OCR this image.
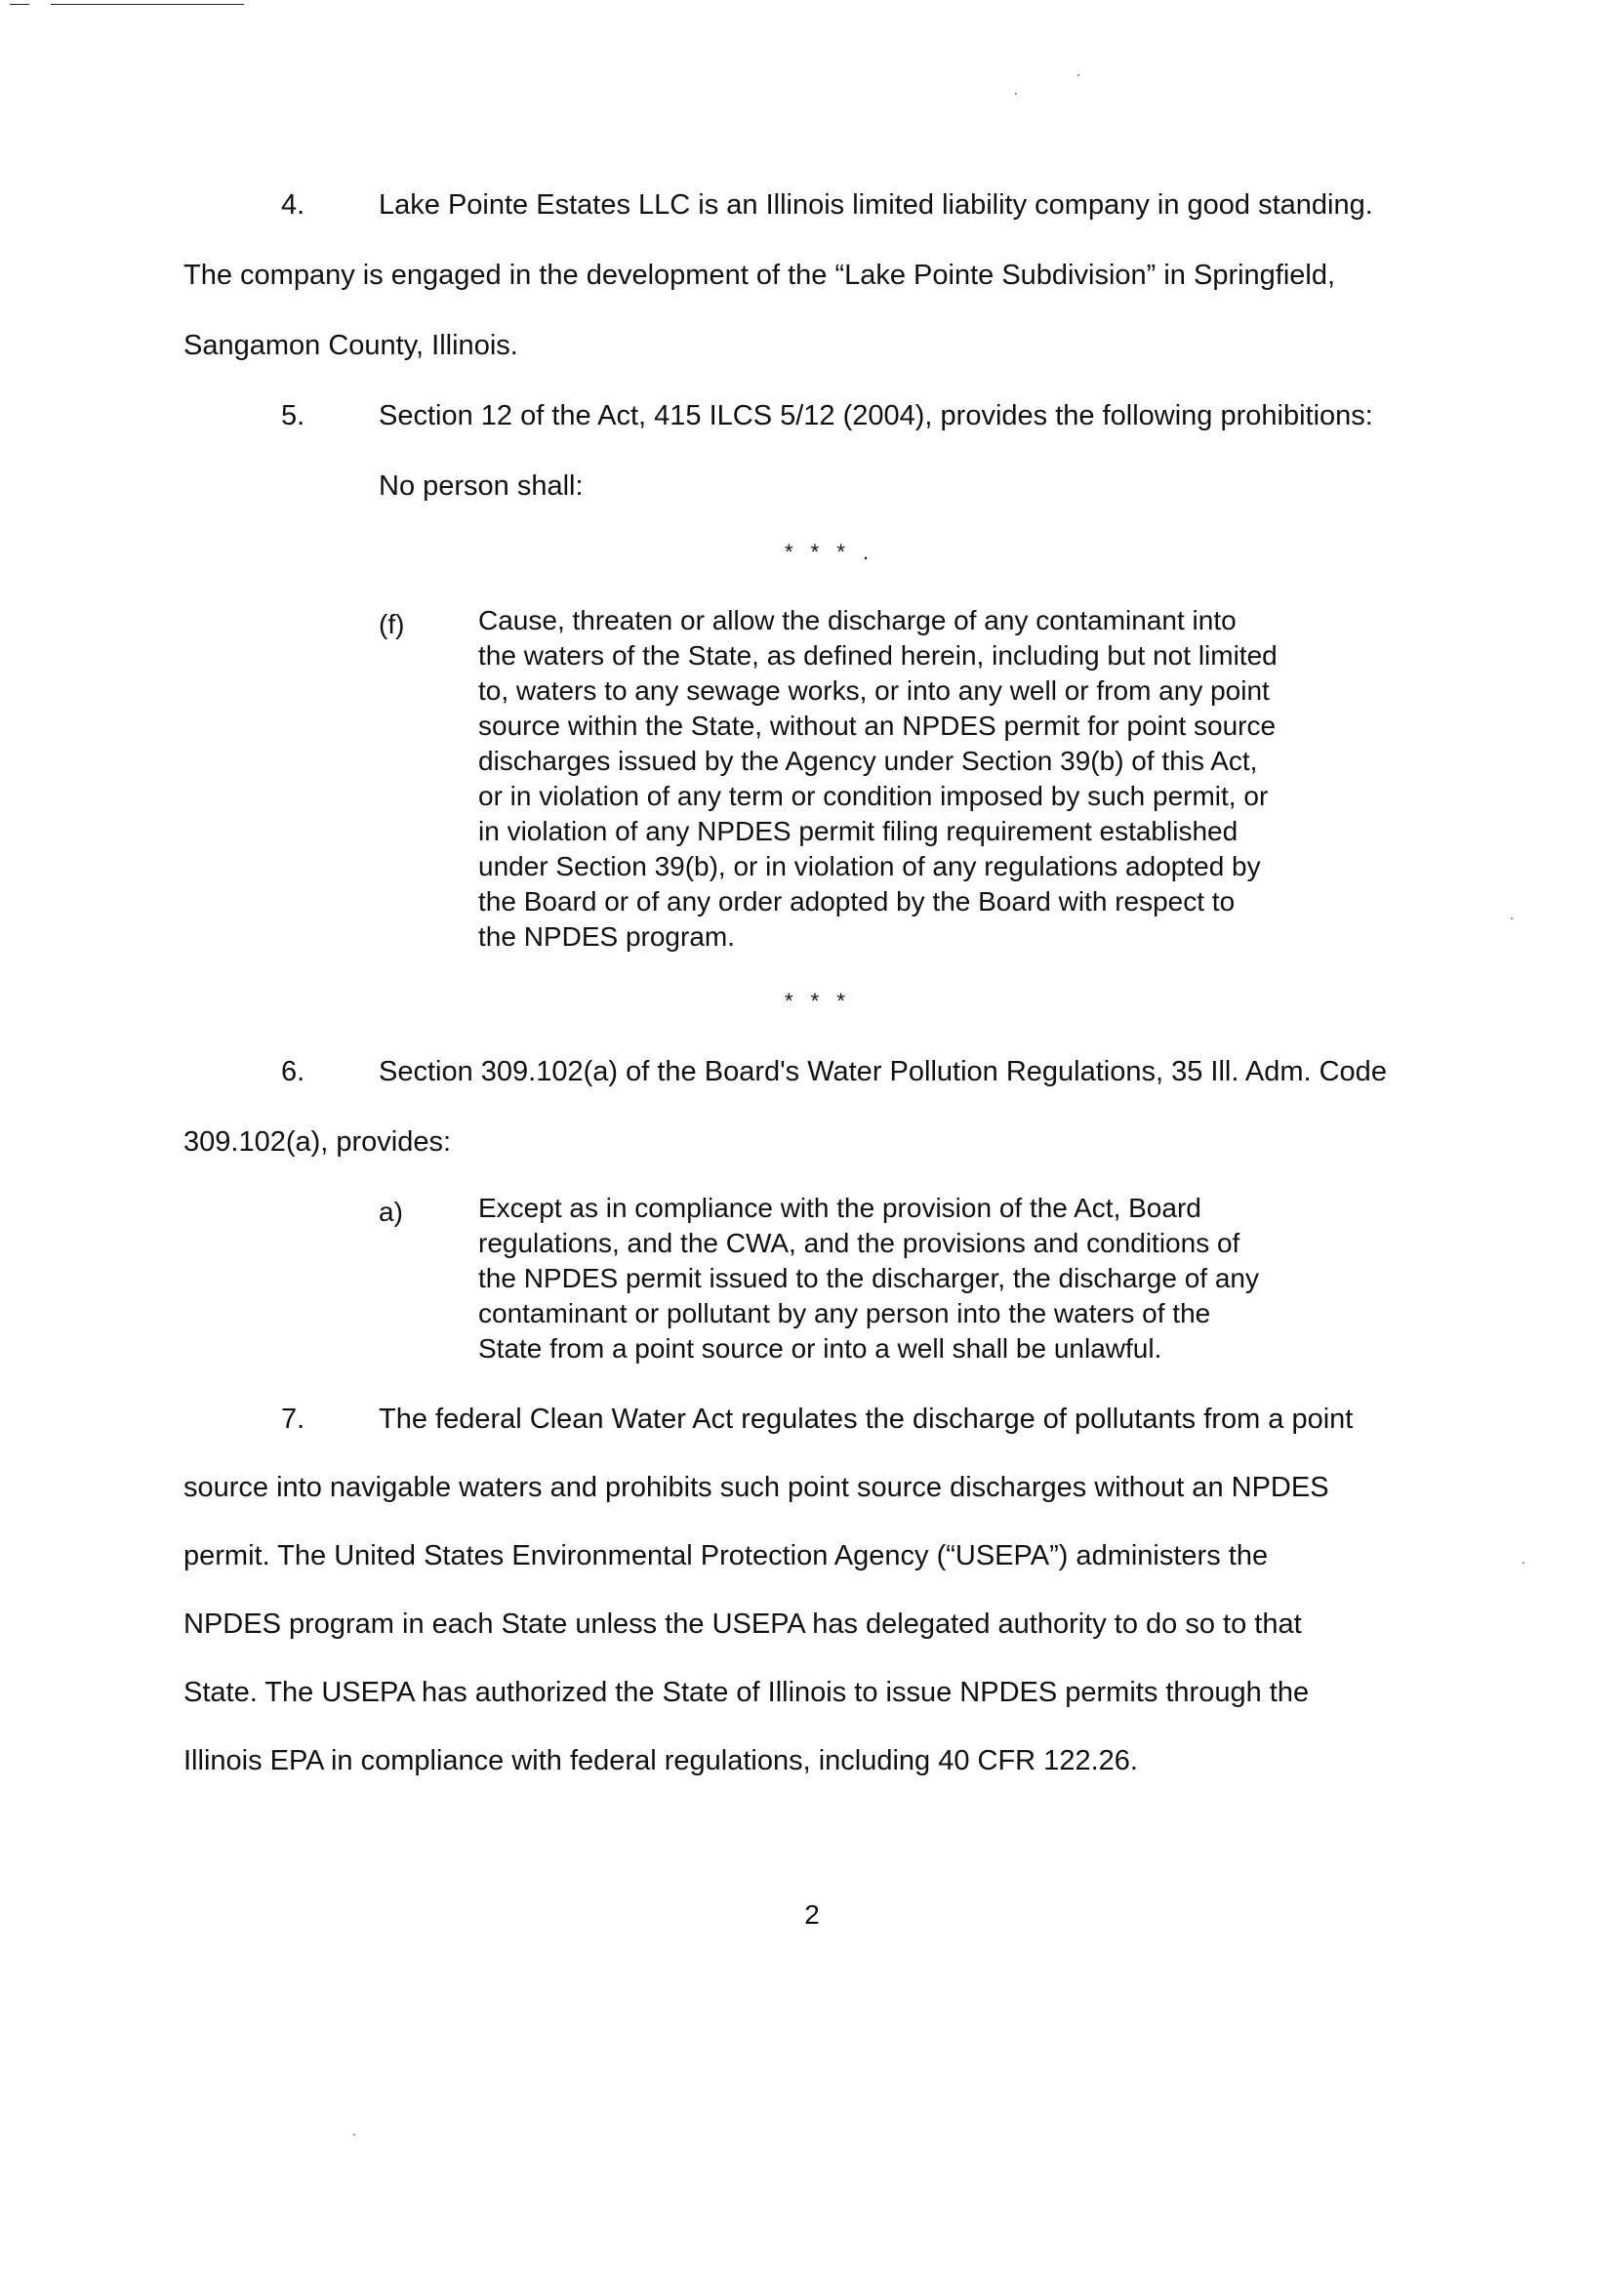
4.	Lake Pointe Estates LLC is an Illinois limited liability company in good standing.
The company is engaged in the development of the “Lake Pointe Subdivision” in Springfield,
Sangamon County, Illinois.
5.	Section 12 of the Act, 415 ILCS 5/12 (2004), provides the following prohibitions:
No person shall:
* * * .
(f)	Cause, threaten or allow the discharge of any contaminant into
the waters of the State, as defined herein, including but not limited
to, waters to any sewage works, or into any well or from any point
source within the State, without an NPDES permit for point source
discharges issued by the Agency under Section 39(b) of this Act,
or in violation of any term or condition imposed by such permit, or
in violation of any NPDES permit filing requirement established
under Section 39(b), or in violation of any regulations adopted by
the Board or of any order adopted by the Board with respect to
the NPDES program.
* * *
6.	Section 309.102(a) of the Board's Water Pollution Regulations, 35 Ill. Adm. Code
309.102(a), provides:
a)	Except as in compliance with the provision of the Act, Board
regulations, and the CWA, and the provisions and conditions of
the NPDES permit issued to the discharger, the discharge of any
contaminant or pollutant by any person into the waters of the
State from a point source or into a well shall be unlawful.
7.	The federal Clean Water Act regulates the discharge of pollutants from a point
source into navigable waters and prohibits such point source discharges without an NPDES
permit. The United States Environmental Protection Agency (“USEPA”) administers the
NPDES program in each State unless the USEPA has delegated authority to do so to that
State. The USEPA has authorized the State of Illinois to issue NPDES permits through the
Illinois EPA in compliance with federal regulations, including 40 CFR 122.26.
2
